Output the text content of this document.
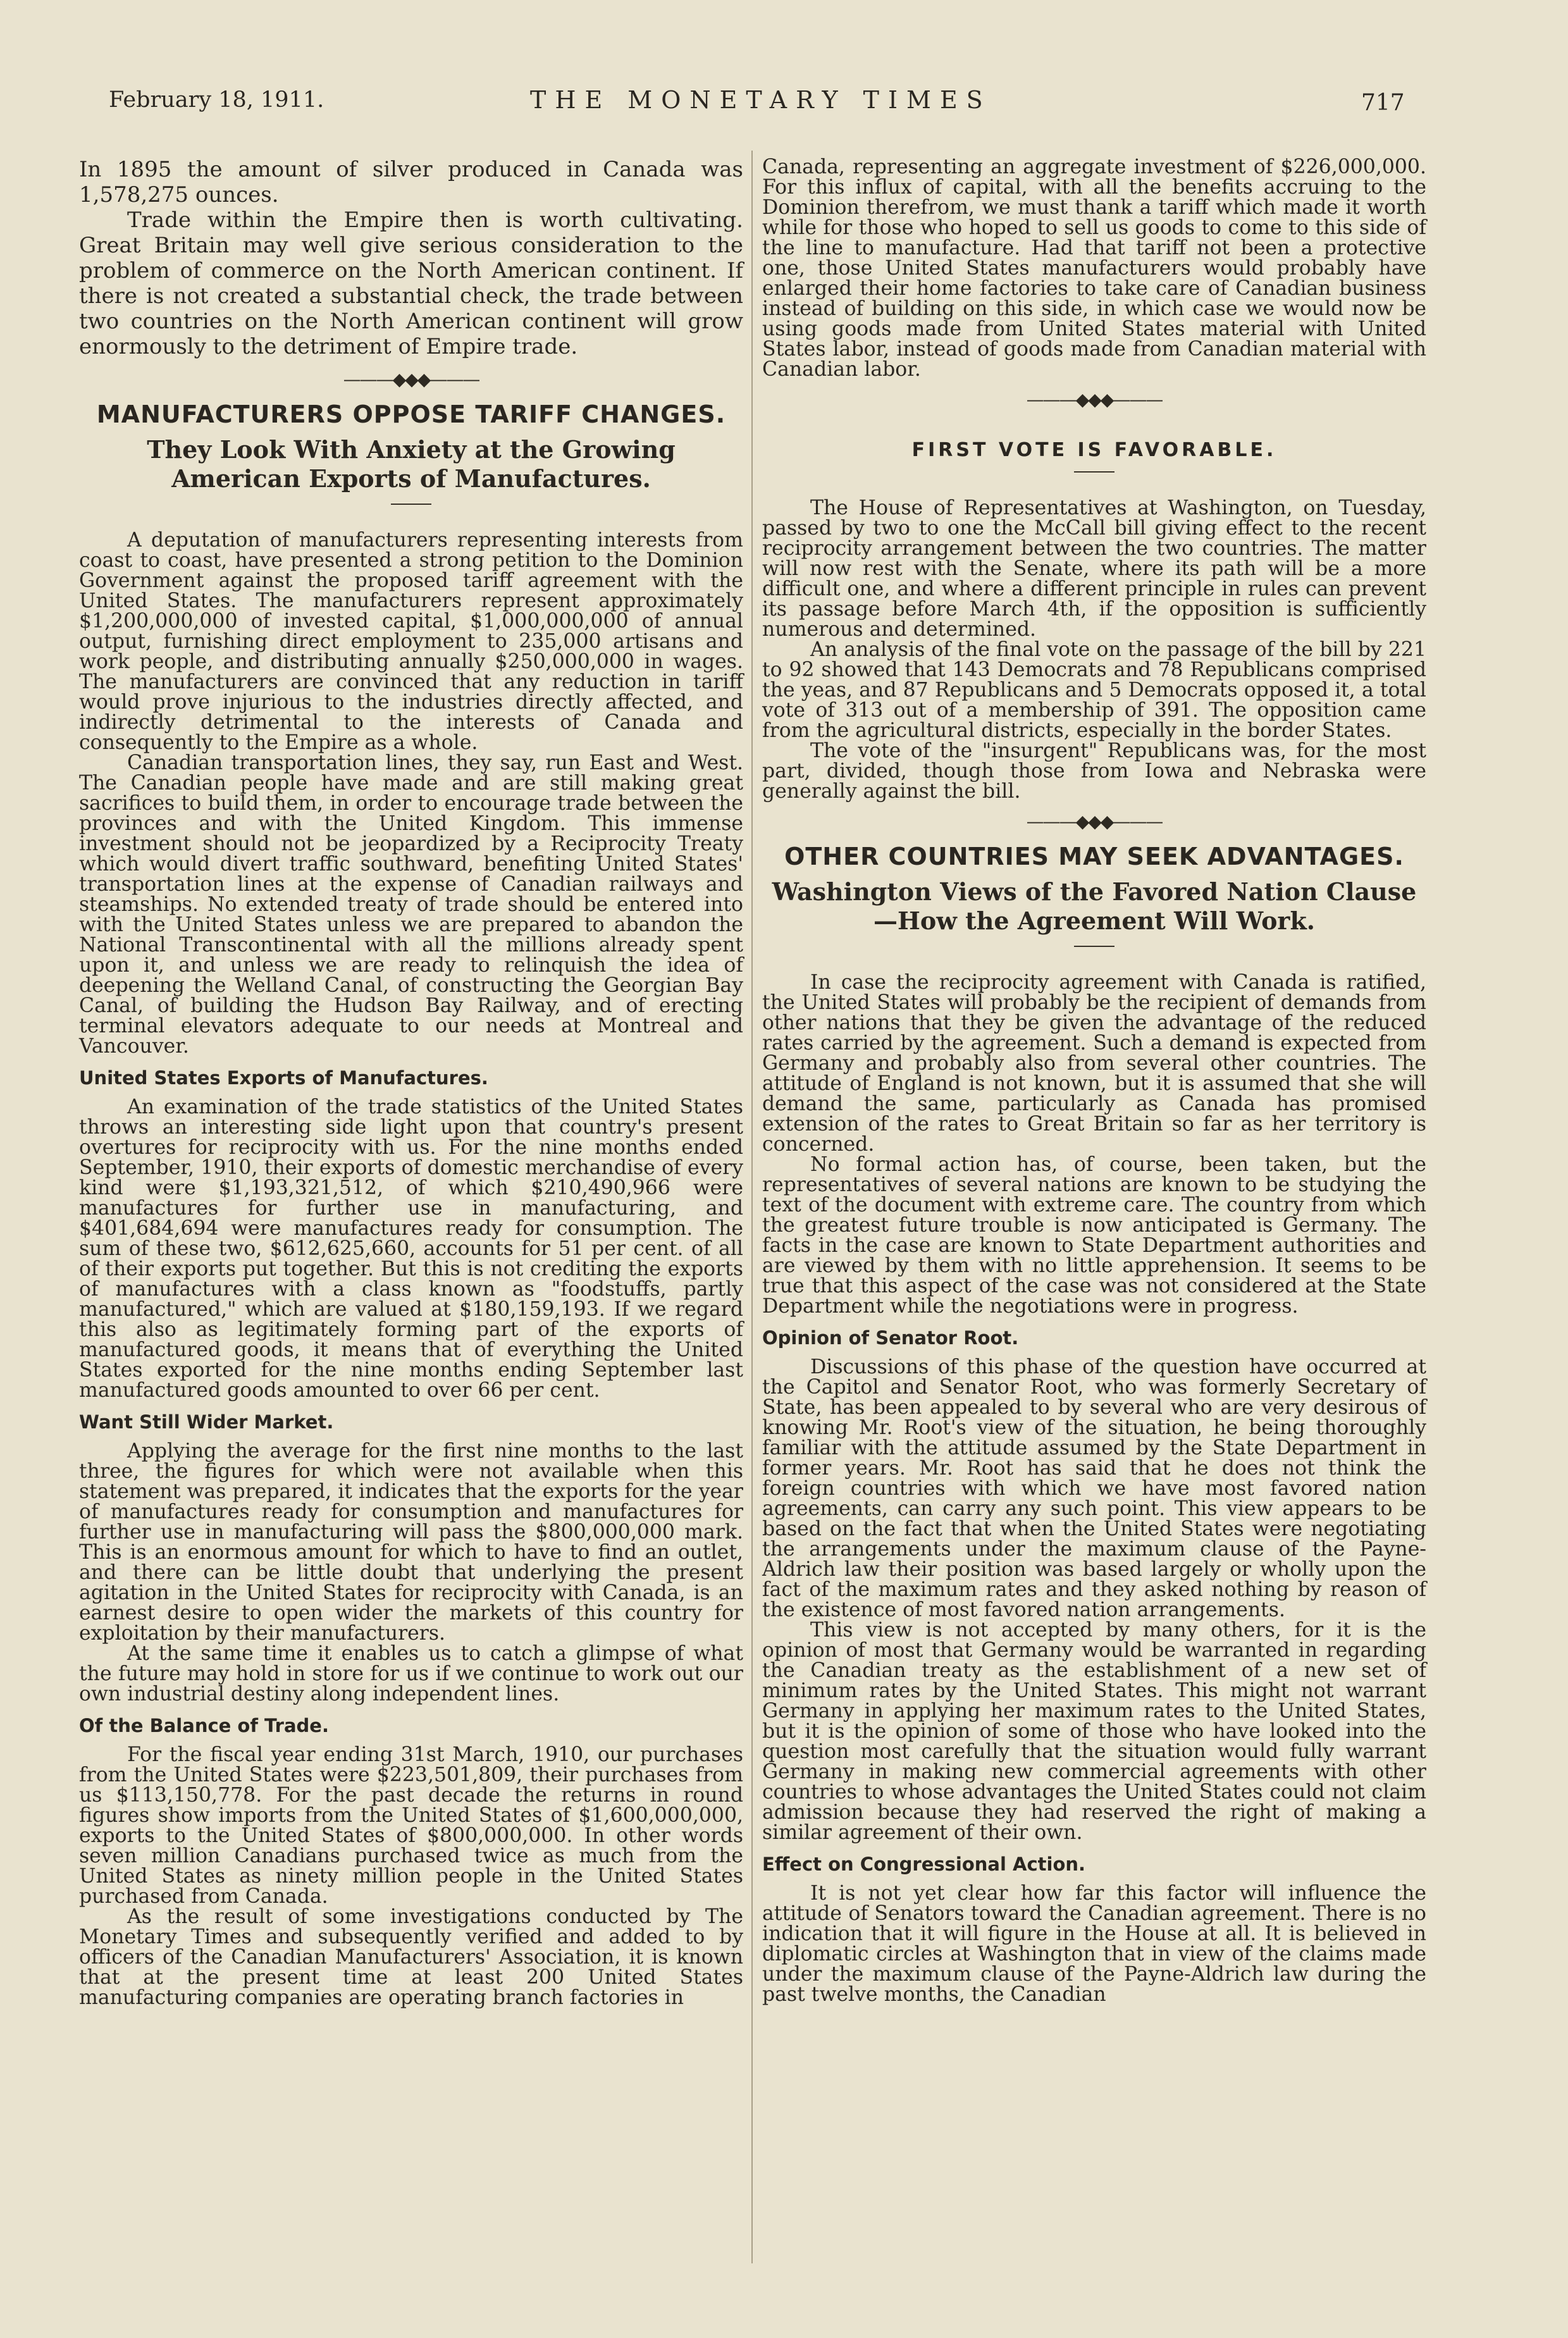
February 18, 1911.	THE MONETARY TIMES	717

In 1895 the amount of silver produced in Canada was 1,578,275 ounces.

Trade within the Empire then is worth cultivating. Great Britain may well give serious consideration to the problem of commerce on the North American continent. If there is not created a substantial check, the trade between two countries on the North American continent will grow enormously to the detriment of Empire trade.

———◆◆◆———
MANUFACTURERS OPPOSE TARIFF CHANGES.
They Look With Anxiety at the Growing American Exports of Manufactures.

A deputation of manufacturers representing interests from coast to coast, have presented a strong petition to the Dominion Government against the proposed tariff agreement with the United States. The manufacturers represent approximately $1,200,000,000 of invested capital, $1,000,000,000 of annual output, furnishing direct employment to 235,000 artisans and work people, and distributing annually $250,000,000 in wages. The manufacturers are convinced that any reduction in tariff would prove injurious to the industries directly affected, and indirectly detrimental to the interests of Canada and consequently to the Empire as a whole.

Canadian transportation lines, they say, run East and West. The Canadian people have made and are still making great sacrifices to build them, in order to encourage trade between the provinces and with the United Kingdom. This immense investment should not be jeopardized by a Reciprocity Treaty which would divert traffic southward, benefiting United States' transportation lines at the expense of Canadian railways and steamships. No extended treaty of trade should be entered into with the United States unless we are prepared to abandon the National Transcontinental with all the millions already spent upon it, and unless we are ready to relinquish the idea of deepening the Welland Canal, of constructing the Georgian Bay Canal, of building the Hudson Bay Railway, and of erecting terminal elevators adequate to our needs at Montreal and Vancouver.

United States Exports of Manufactures.

An examination of the trade statistics of the United States throws an interesting side light upon that country's present overtures for reciprocity with us. For the nine months ended September, 1910, their exports of domestic merchandise of every kind were $1,193,321,512, of which $210,490,966 were manufactures for further use in manufacturing, and $401,684,694 were manufactures ready for consumption. The sum of these two, $612,625,660, accounts for 51 per cent. of all of their exports put together. But this is not crediting the exports of manufactures with a class known as "foodstuffs, partly manufactured," which are valued at $180,159,193. If we regard this also as legitimately forming part of the exports of manufactured goods, it means that of everything the United States exported for the nine months ending September last manufactured goods amounted to over 66 per cent.

Want Still Wider Market.

Applying the average for the first nine months to the last three, the figures for which were not available when this statement was prepared, it indicates that the exports for the year of manufactures ready for consumption and manufactures for further use in manufacturing will pass the $800,000,000 mark. This is an enormous amount for which to have to find an outlet, and there can be little doubt that underlying the present agitation in the United States for reciprocity with Canada, is an earnest desire to open wider the markets of this country for exploitation by their manufacturers.

At the same time it enables us to catch a glimpse of what the future may hold in store for us if we continue to work out our own industrial destiny along independent lines.

Of the Balance of Trade.

For the fiscal year ending 31st March, 1910, our purchases from the United States were $223,501,809, their purchases from us $113,150,778. For the past decade the returns in round figures show imports from the United States of $1,600,000,000, exports to the United States of $800,000,000. In other words seven million Canadians purchased twice as much from the United States as ninety million people in the United States purchased from Canada.

As the result of some investigations conducted by The Monetary Times and subsequently verified and added to by officers of the Canadian Manufacturers' Association, it is known that at the present time at least 200 United States manufacturing companies are operating branch factories in

Canada, representing an aggregate investment of $226,000,000. For this influx of capital, with all the benefits accruing to the Dominion therefrom, we must thank a tariff which made it worth while for those who hoped to sell us goods to come to this side of the line to manufacture. Had that tariff not been a protective one, those United States manufacturers would probably have enlarged their home factories to take care of Canadian business instead of building on this side, in which case we would now be using goods made from United States material with United States labor, instead of goods made from Canadian material with Canadian labor.

———◆◆◆———
FIRST VOTE IS FAVORABLE.

The House of Representatives at Washington, on Tuesday, passed by two to one the McCall bill giving effect to the recent reciprocity arrangement between the two countries. The matter will now rest with the Senate, where its path will be a more difficult one, and where a different principle in rules can prevent its passage before March 4th, if the opposition is sufficiently numerous and determined.

An analysis of the final vote on the passage of the bill by 221 to 92 showed that 143 Democrats and 78 Republicans comprised the yeas, and 87 Republicans and 5 Democrats opposed it, a total vote of 313 out of a membership of 391. The opposition came from the agricultural districts, especially in the border States.

The vote of the "insurgent" Republicans was, for the most part, divided, though those from Iowa and Nebraska were generally against the bill.

———◆◆◆———
OTHER COUNTRIES MAY SEEK ADVANTAGES.
Washington Views of the Favored Nation Clause—How the Agreement Will Work.

In case the reciprocity agreement with Canada is ratified, the United States will probably be the recipient of demands from other nations that they be given the advantage of the reduced rates carried by the agreement. Such a demand is expected from Germany and probably also from several other countries. The attitude of England is not known, but it is assumed that she will demand the same, particularly as Canada has promised extension of the rates to Great Britain so far as her territory is concerned.

No formal action has, of course, been taken, but the representatives of several nations are known to be studying the text of the document with extreme care. The country from which the greatest future trouble is now anticipated is Germany. The facts in the case are known to State Department authorities and are viewed by them with no little apprehension. It seems to be true that this aspect of the case was not considered at the State Department while the negotiations were in progress.

Opinion of Senator Root.

Discussions of this phase of the question have occurred at the Capitol and Senator Root, who was formerly Secretary of State, has been appealed to by several who are very desirous of knowing Mr. Root's view of the situation, he being thoroughly familiar with the attitude assumed by the State Department in former years. Mr. Root has said that he does not think the foreign countries with which we have most favored nation agreements, can carry any such point. This view appears to be based on the fact that when the United States were negotiating the arrangements under the maximum clause of the Payne-Aldrich law their position was based largely or wholly upon the fact of the maximum rates and they asked nothing by reason of the existence of most favored nation arrangements.

This view is not accepted by many others, for it is the opinion of most that Germany would be warranted in regarding the Canadian treaty as the establishment of a new set of minimum rates by the United States. This might not warrant Germany in applying her maximum rates to the United States, but it is the opinion of some of those who have looked into the question most carefully that the situation would fully warrant Germany in making new commercial agreements with other countries to whose advantages the United States could not claim admission because they had reserved the right of making a similar agreement of their own.

Effect on Congressional Action.

It is not yet clear how far this factor will influence the attitude of Senators toward the Canadian agreement. There is no indication that it will figure in the House at all. It is believed in diplomatic circles at Washington that in view of the claims made under the maximum clause of the Payne-Aldrich law during the past twelve months, the Canadian
